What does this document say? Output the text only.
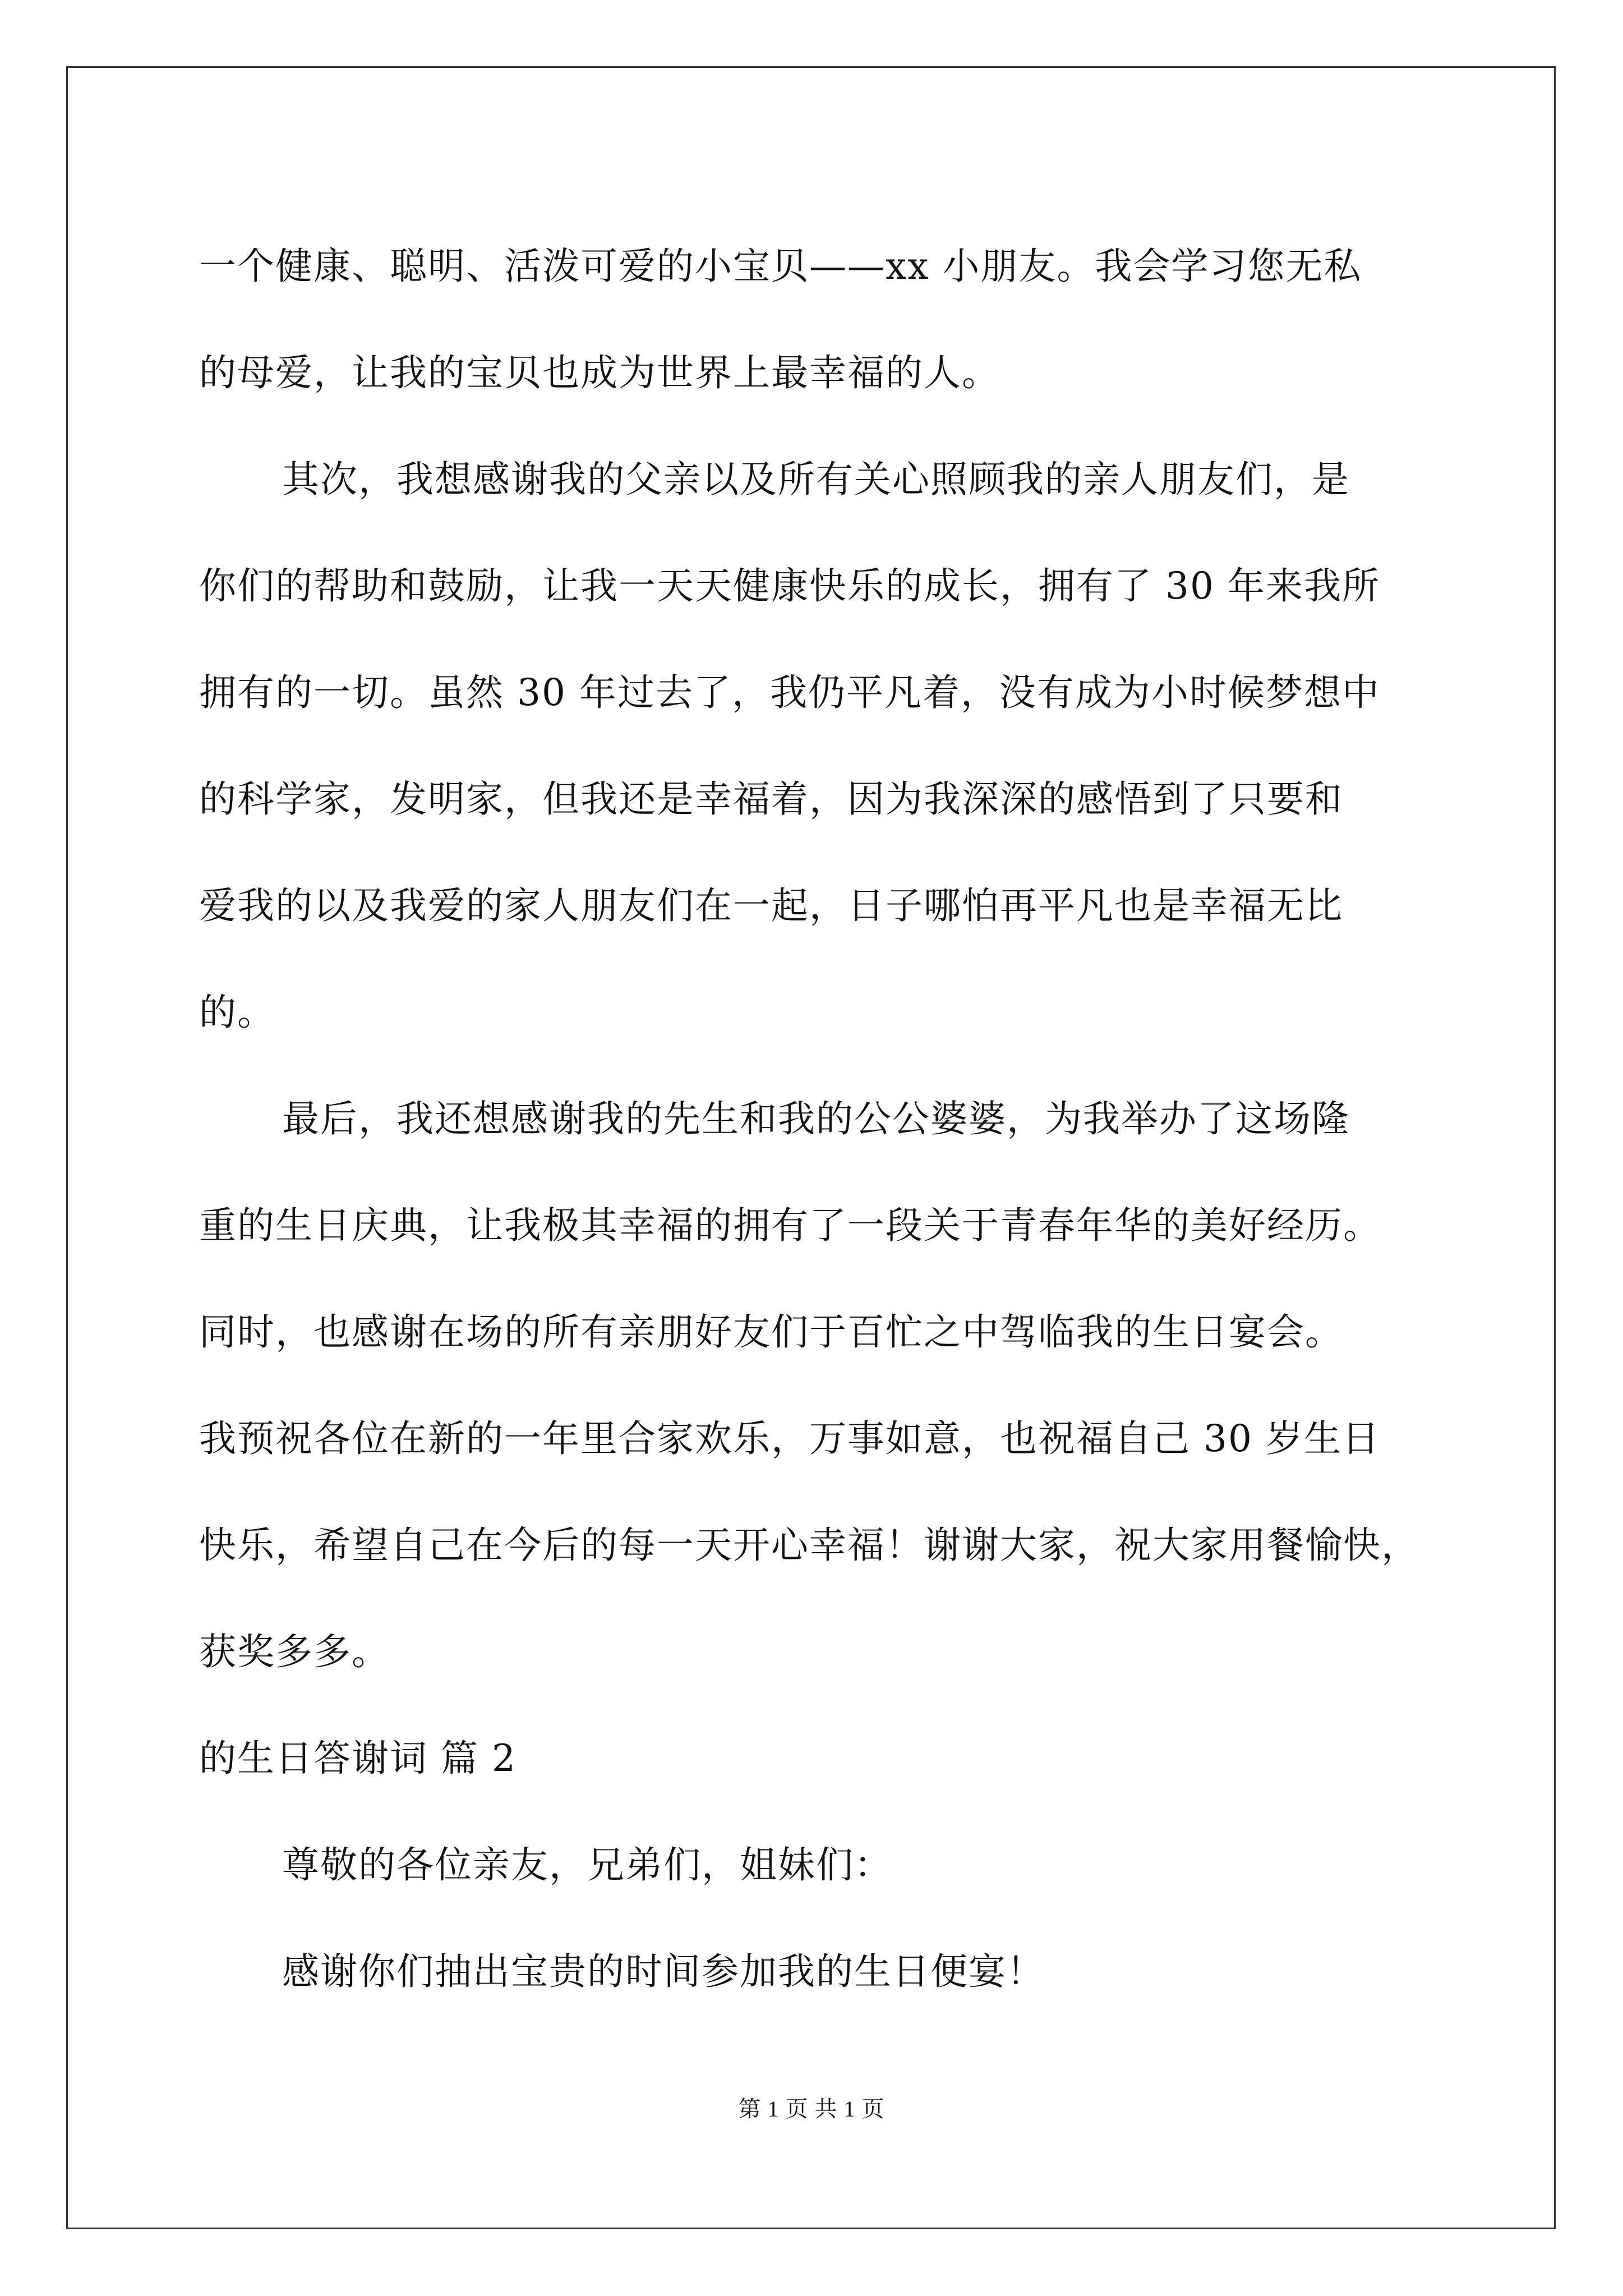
一个健康、聪明、活泼可爱的小宝贝——xx 小朋友。我会学习您无私
的母爱，让我的宝贝也成为世界上最幸福的人。
其次，我想感谢我的父亲以及所有关心照顾我的亲人朋友们，是
你们的帮助和鼓励，让我一天天健康快乐的成长，拥有了 30 年来我所
拥有的一切。虽然 30 年过去了，我仍平凡着，没有成为小时候梦想中
的科学家，发明家，但我还是幸福着，因为我深深的感悟到了只要和
爱我的以及我爱的家人朋友们在一起，日子哪怕再平凡也是幸福无比
的。
最后，我还想感谢我的先生和我的公公婆婆，为我举办了这场隆
重的生日庆典，让我极其幸福的拥有了一段关于青春年华的美好经历。
同时，也感谢在场的所有亲朋好友们于百忙之中驾临我的生日宴会。
我预祝各位在新的一年里合家欢乐，万事如意，也祝福自己 30 岁生日
快乐，希望自己在今后的每一天开心幸福！谢谢大家，祝大家用餐愉快，
获奖多多。
的生日答谢词 篇 2
尊敬的各位亲友，兄弟们，姐妹们：
感谢你们抽出宝贵的时间参加我的生日便宴！
第 1 页 共 1 页
